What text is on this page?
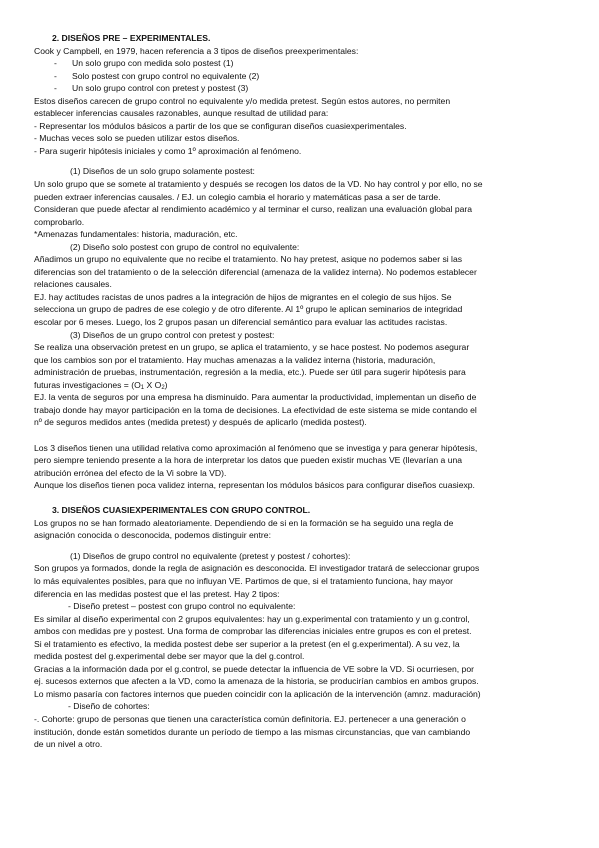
2. DISEÑOS PRE – EXPERIMENTALES.
Cook y Campbell, en 1979, hacen referencia a 3 tipos de diseños preexperimentales:
- Un solo grupo con medida solo postest (1)
- Solo postest con grupo control no equivalente (2)
- Un solo grupo control con pretest y postest (3)
Estos diseños carecen de grupo control no equivalente y/o medida pretest. Según estos autores, no permiten
establecer inferencias causales razonables, aunque resultad de utilidad para:
- Representar los módulos básicos a partir de los que se configuran diseños cuasiexperimentales.
- Muchas veces solo se pueden utilizar estos diseños.
- Para sugerir hipótesis iniciales y como 1º aproximación al fenómeno.
(1) Diseños de un solo grupo solamente postest:
Un solo grupo que se somete al tratamiento y después se recogen los datos de la VD. No hay control y por ello, no se
pueden extraer inferencias causales. / EJ. un colegio cambia el horario y matemáticas pasa a ser de tarde.
Consideran que puede afectar al rendimiento académico y al terminar el curso, realizan una evaluación global para
comprobarlo.
*Amenazas fundamentales: historia, maduración, etc.
(2) Diseño solo postest con grupo de control no equivalente:
Añadimos un grupo no equivalente que no recibe el tratamiento. No hay pretest, asique no podemos saber si las
diferencias son del tratamiento o de la selección diferencial (amenaza de la validez interna). No podemos establecer
relaciones causales.
EJ. hay actitudes racistas de unos padres a la integración de hijos de migrantes en el colegio de sus hijos. Se
selecciona un grupo de padres de ese colegio y de otro diferente. Al 1º grupo le aplican seminarios de integridad
escolar por 6 meses. Luego, los 2 grupos pasan un diferencial semántico para evaluar las actitudes racistas.
(3) Diseños de un grupo control con pretest y postest:
Se realiza una observación pretest en un grupo, se aplica el tratamiento, y se hace postest. No podemos asegurar
que los cambios son por el tratamiento. Hay muchas amenazas a la validez interna (historia, maduración,
administración de pruebas, instrumentación, regresión a la media, etc.). Puede ser útil para sugerir hipótesis para
futuras investigaciones = ($O_1$ X $O_2$)
EJ. la venta de seguros por una empresa ha disminuido. Para aumentar la productividad, implementan un diseño de
trabajo donde hay mayor participación en la toma de decisiones. La efectividad de este sistema se mide contando el
nº de seguros medidos antes (medida pretest) y después de aplicarlo (medida postest).
Los 3 diseños tienen una utilidad relativa como aproximación al fenómeno que se investiga y para generar hipótesis,
pero siempre teniendo presente a la hora de interpretar los datos que pueden existir muchas VE (llevarían a una
atribución errónea del efecto de la Vi sobre la VD).
Aunque los diseños tienen poca validez interna, representan los módulos básicos para configurar diseños cuasiexp.
3. DISEÑOS CUASIEXPERIMENTALES CON GRUPO CONTROL.
Los grupos no se han formado aleatoriamente. Dependiendo de si en la formación se ha seguido una regla de
asignación conocida o desconocida, podemos distinguir entre:
(1) Diseños de grupo control no equivalente (pretest y postest / cohortes):
Son grupos ya formados, donde la regla de asignación es desconocida. El investigador tratará de seleccionar grupos
lo más equivalentes posibles, para que no influyan VE. Partimos de que, si el tratamiento funciona, hay mayor
diferencia en las medidas postest que el las pretest. Hay 2 tipos:
- Diseño pretest – postest con grupo control no equivalente:
Es similar al diseño experimental con 2 grupos equivalentes: hay un g.experimental con tratamiento y un g.control,
ambos con medidas pre y postest. Una forma de comprobar las diferencias iniciales entre grupos es con el pretest.
Si el tratamiento es efectivo, la medida postest debe ser superior a la pretest (en el g.experimental). A su vez, la
medida postest del g.experimental debe ser mayor que la del g.control.
Gracias a la información dada por el g.control, se puede detectar la influencia de VE sobre la VD. Si ocurriesen, por
ej. sucesos externos que afecten a la VD, como la amenaza de la historia, se producirían cambios en ambos grupos.
Lo mismo pasaría con factores internos que pueden coincidir con la aplicación de la intervención (amnz. maduración)
- Diseño de cohortes:
-. Cohorte: grupo de personas que tienen una característica común definitoria. EJ. pertenecer a una generación o
institución, donde están sometidos durante un período de tiempo a las mismas circunstancias, que van cambiando
de un nivel a otro.
